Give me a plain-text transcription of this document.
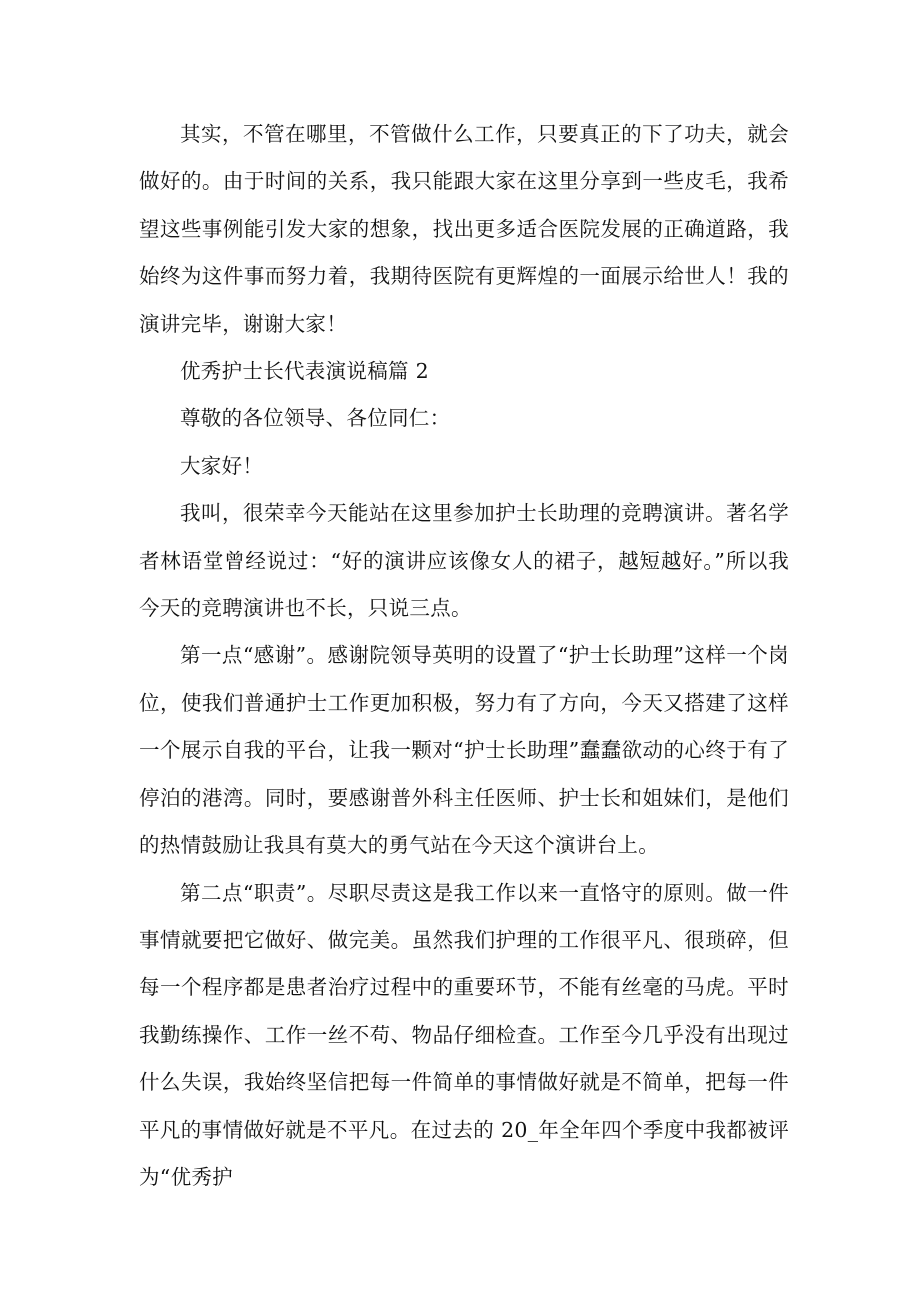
其实，不管在哪里，不管做什么工作，只要真正的下了功夫，就会做好的。由于时间的关系，我只能跟大家在这里分享到一些皮毛，我希望这些事例能引发大家的想象，找出更多适合医院发展的正确道路，我始终为这件事而努力着，我期待医院有更辉煌的一面展示给世人！我的演讲完毕，谢谢大家！

优秀护士长代表演说稿篇 2

尊敬的各位领导、各位同仁：

大家好！

我叫，很荣幸今天能站在这里参加护士长助理的竞聘演讲。著名学者林语堂曾经说过：“好的演讲应该像女人的裙子，越短越好。”所以我今天的竞聘演讲也不长，只说三点。

第一点“感谢”。感谢院领导英明的设置了“护士长助理”这样一个岗位，使我们普通护士工作更加积极，努力有了方向，今天又搭建了这样一个展示自我的平台，让我一颗对“护士长助理”蠢蠢欲动的心终于有了停泊的港湾。同时，要感谢普外科主任医师、护士长和姐妹们，是他们的热情鼓励让我具有莫大的勇气站在今天这个演讲台上。

第二点“职责”。尽职尽责这是我工作以来一直恪守的原则。做一件事情就要把它做好、做完美。虽然我们护理的工作很平凡、很琐碎，但每一个程序都是患者治疗过程中的重要环节，不能有丝毫的马虎。平时我勤练操作、工作一丝不苟、物品仔细检查。工作至今几乎没有出现过什么失误，我始终坚信把每一件简单的事情做好就是不简单，把每一件平凡的事情做好就是不平凡。在过去的 20_年全年四个季度中我都被评为“优秀护
